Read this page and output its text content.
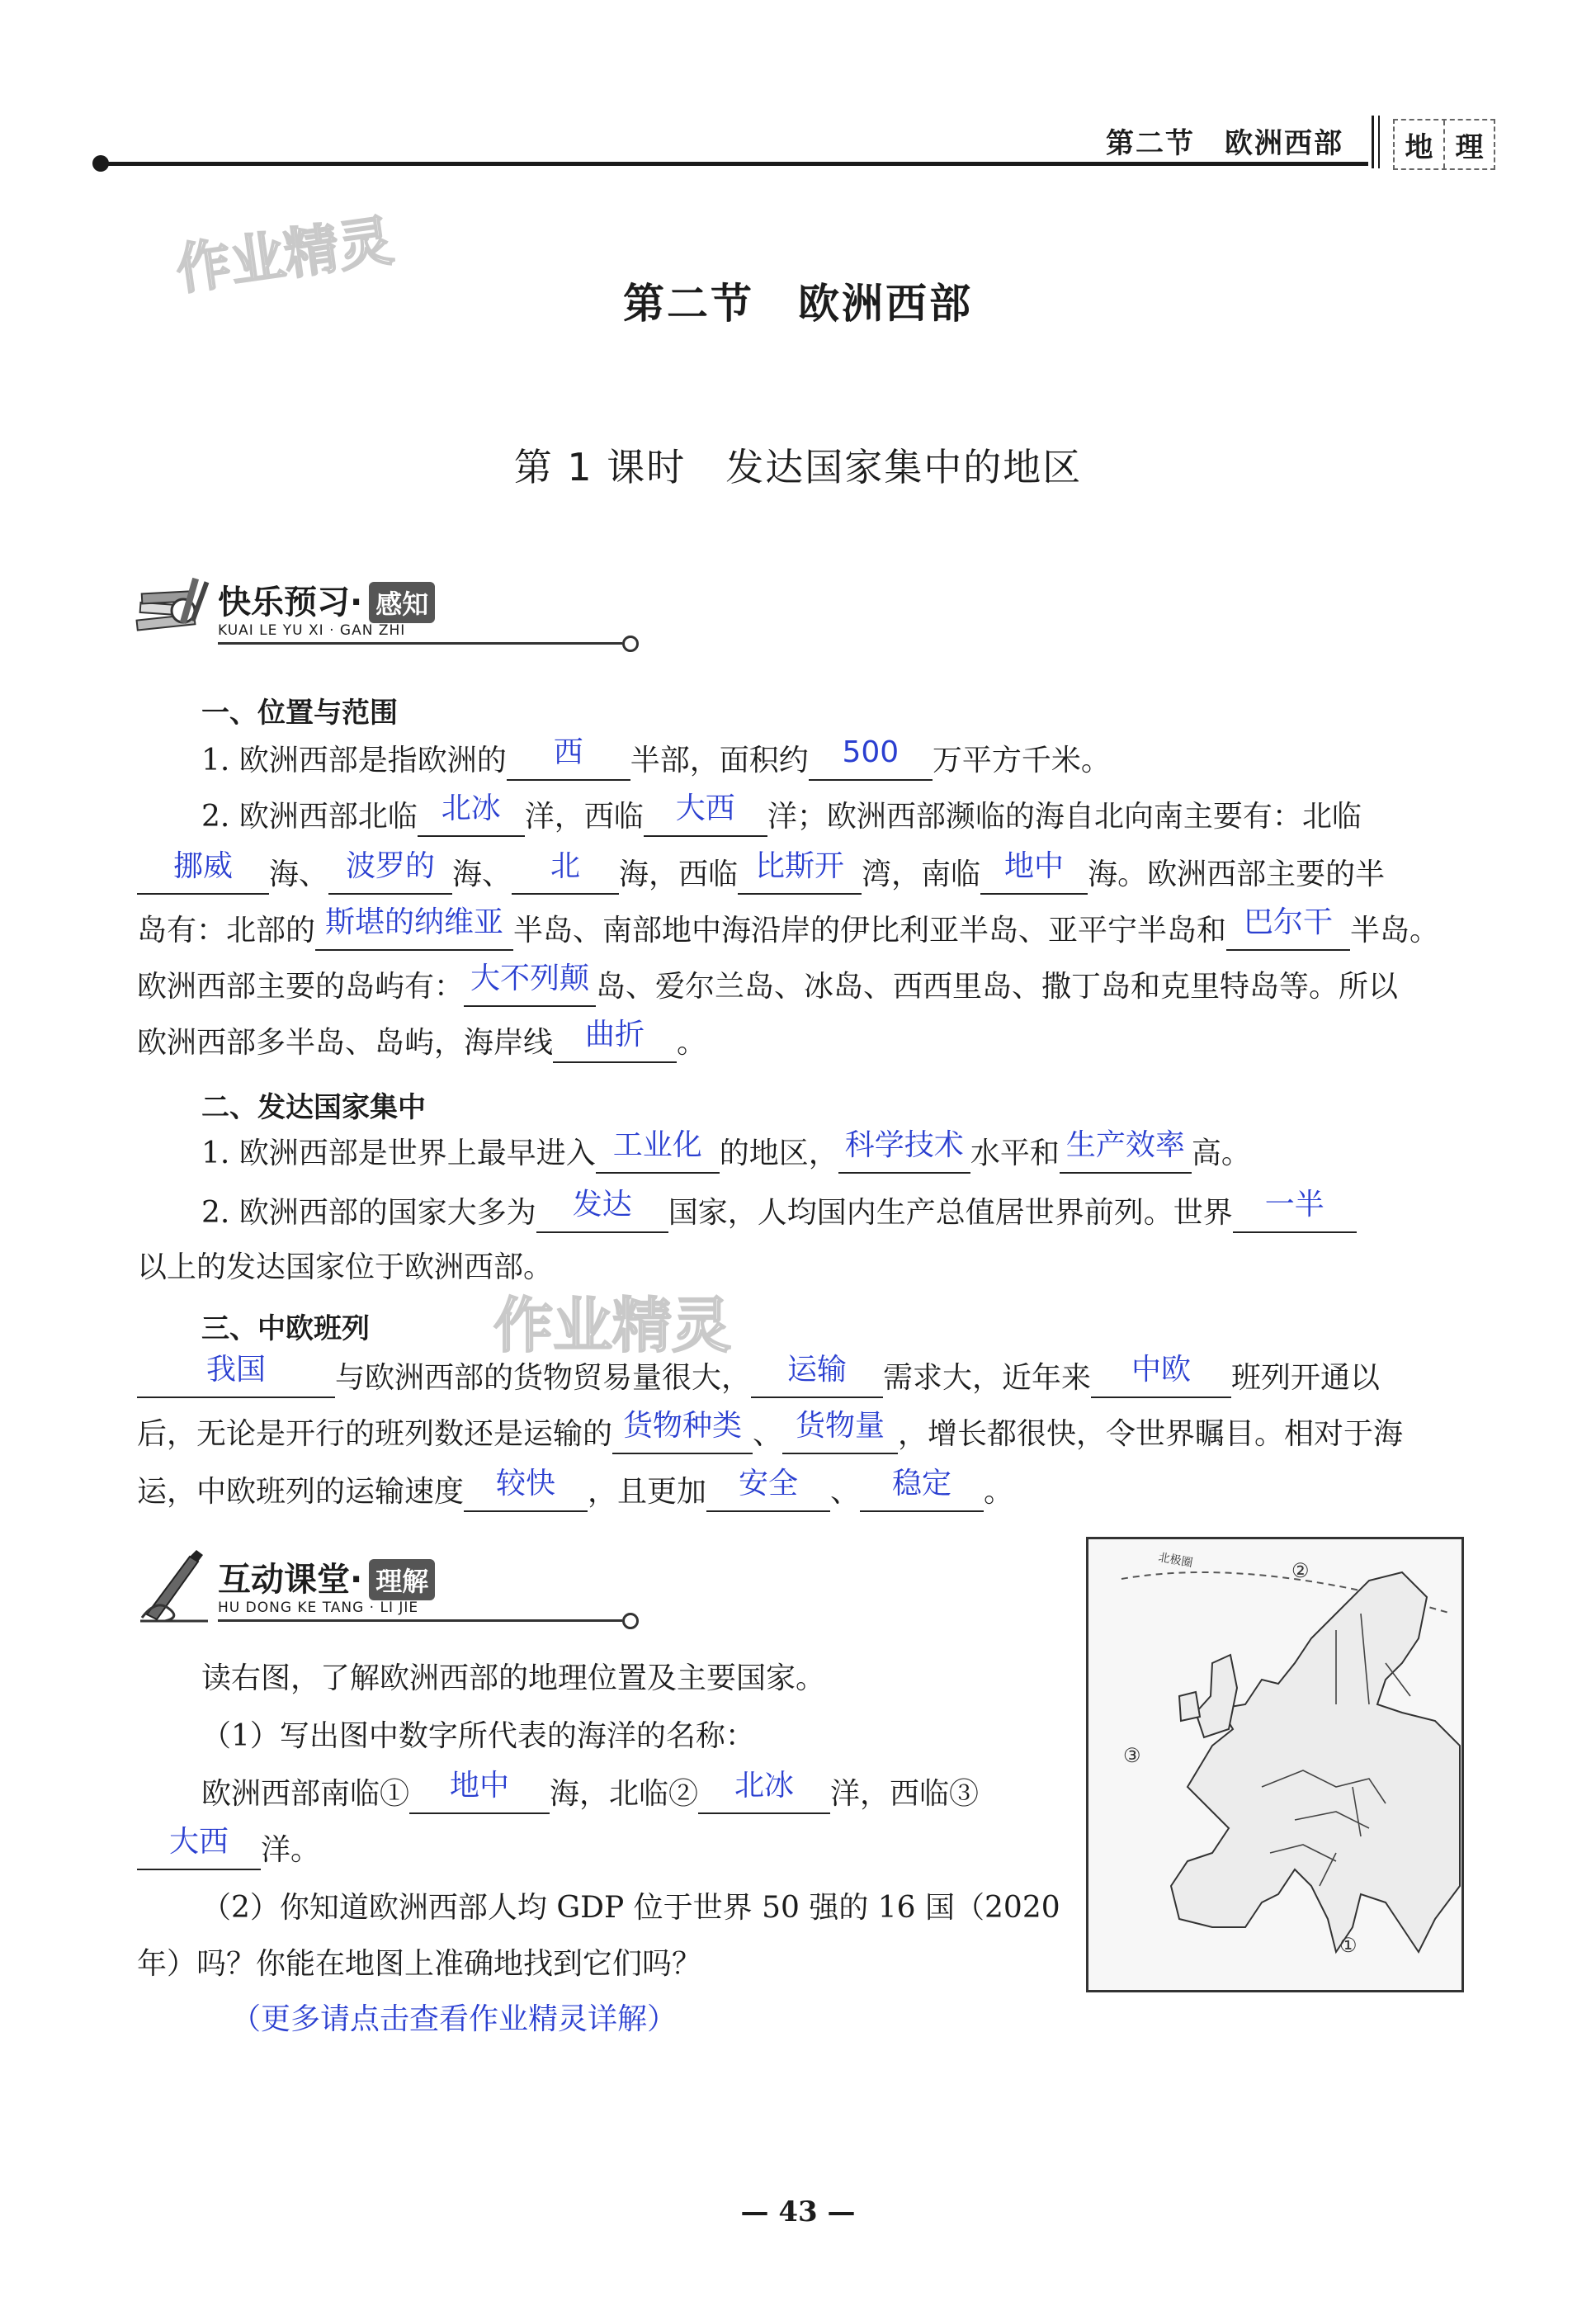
第二节　欧洲西部	地 理
作业精灵
作业精灵
第二节　欧洲西部
第 1 课时　发达国家集中的地区
快乐预习· 感知
KUAI LE YU XI · GAN ZHI
一、位置与范围
1. 欧洲西部是指欧洲的	西	半部，面积约	500	万平方千米。
2. 欧洲西部北临 北冰 洋，西临	大西	洋；欧洲西部濒临的海自北向南主要有：北临
挪威	海、 波罗的 海、	北	海，西临 比斯开 湾，南临 地中 海。欧洲西部主要的半
岛有：北部的 斯堪的纳维亚 半岛、南部地中海沿岸的伊比利亚半岛、亚平宁半岛和 巴尔干 半岛。
欧洲西部主要的岛屿有： 大不列颠 岛、爱尔兰岛、冰岛、西西里岛、撒丁岛和克里特岛等。所以
欧洲西部多半岛、岛屿，海岸线	曲折	。
二、发达国家集中
1. 欧洲西部是世界上最早进入 工业化 的地区， 科学技术 水平和 生产效率 高。
2. 欧洲西部的国家大多为	发达	国家，人均国内生产总值居世界前列。世界	一半
以上的发达国家位于欧洲西部。
三、中欧班列
我国	与欧洲西部的货物贸易量很大，	运输	需求大，近年来	中欧	班列开通以
后，无论是开行的班列数还是运输的 货物种类 、 货物量 ，增长都很快，令世界瞩目。相对于海
运，中欧班列的运输速度	较快	，且更加	安全	、	稳定	。
互动课堂· 理解
HU DONG KE TANG · LI JIE
读右图，了解欧洲西部的地理位置及主要国家。
（1）写出图中数字所代表的海洋的名称：
欧洲西部南临①	地中	海，北临②	北冰	洋，西临③
大西	洋。
（2）你知道欧洲西部人均 GDP 位于世界 50 强的 16 国（2020
年）吗？你能在地图上准确地找到它们吗？
（更多请点击查看作业精灵详解）
北极圈	②
③
①
— 43 —
